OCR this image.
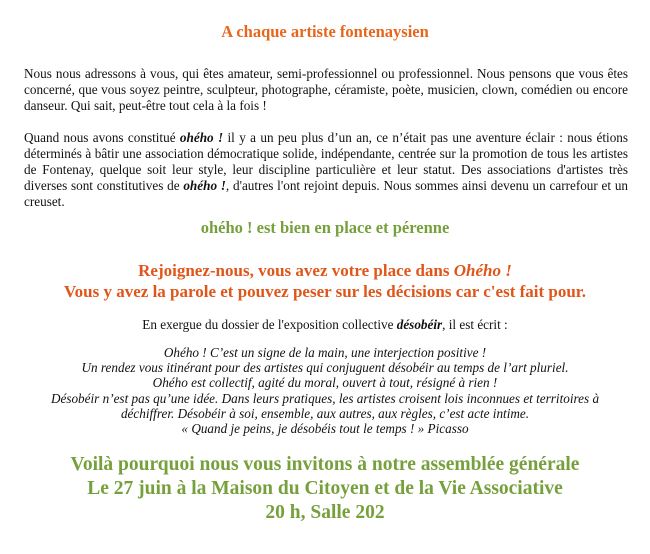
A chaque artiste fontenaysien
Nous nous adressons à vous, qui êtes amateur, semi-professionnel ou professionnel. Nous pensons que vous êtes concerné, que vous soyez peintre, sculpteur, photographe, céramiste, poète, musicien, clown, comédien ou encore danseur. Qui sait, peut-être tout cela à la fois !
Quand nous avons constitué ohého ! il y a un peu plus d’un an, ce n’était pas une aventure éclair : nous étions déterminés à bâtir une association démocratique solide, indépendante, centrée sur la promotion de tous les artistes de Fontenay, quelque soit leur style, leur discipline particulière et leur statut. Des associations d'artistes très diverses sont constitutives de ohého !, d'autres l'ont rejoint depuis. Nous sommes ainsi devenu un carrefour et un creuset.
ohého ! est bien en place et pérenne
Rejoignez-nous, vous avez votre place dans Ohého !
Vous y avez la parole et pouvez peser sur les décisions car c'est fait pour.
En exergue du dossier de l'exposition collective désobéir, il est écrit :
Ohého ! C’est un signe de la main, une interjection positive !
Un rendez vous itinérant pour des artistes qui conjuguent désobéir au temps de l’art pluriel.
Ohého est collectif, agité du moral, ouvert à tout, résigné à rien !
Désobéir n’est pas qu’une idée. Dans leurs pratiques, les artistes croisent lois inconnues et territoires à
déchiffrer. Désobéir à soi, ensemble, aux autres, aux règles, c’est acte intime.
« Quand je peins, je désobéis tout le temps ! » Picasso
Voilà pourquoi nous vous invitons à notre assemblée générale
Le 27 juin à la Maison du Citoyen et de la Vie Associative
20 h, Salle 202
